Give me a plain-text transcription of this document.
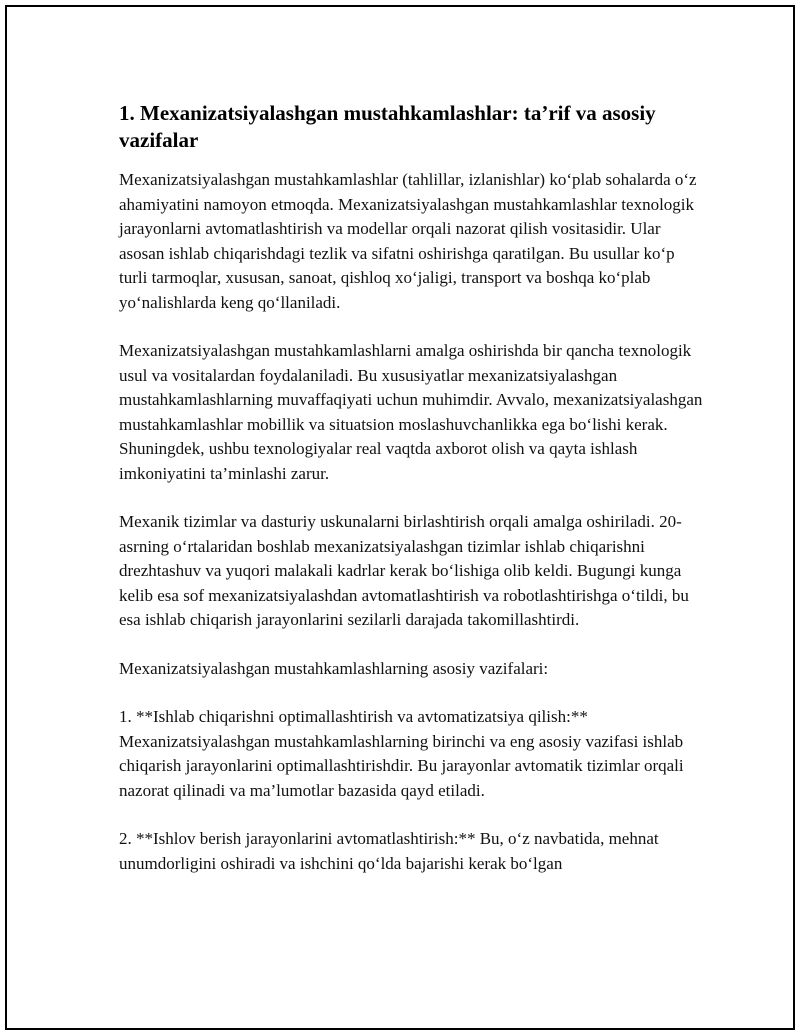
1. Mexanizatsiyalashgan mustahkamlashlar: ta’rif va asosiy vazifalar

Mexanizatsiyalashgan mustahkamlashlar (tahlillar, izlanishlar) ko‘plab sohalarda o‘z ahamiyatini namoyon etmoqda. Mexanizatsiyalashgan mustahkamlashlar texnologik jarayonlarni avtomatlashtirish va modellar orqali nazorat qilish vositasidir. Ular asosan ishlab chiqarishdagi tezlik va sifatni oshirishga qaratilgan. Bu usullar ko‘p turli tarmoqlar, xususan, sanoat, qishloq xo‘jaligi, transport va boshqa ko‘plab yo‘nalishlarda keng qo‘llaniladi.

Mexanizatsiyalashgan mustahkamlashlarni amalga oshirishda bir qancha texnologik usul va vositalardan foydalaniladi. Bu xususiyatlar mexanizatsiyalashgan mustahkamlashlarning muvaffaqiyati uchun muhimdir. Avvalo, mexanizatsiyalashgan mustahkamlashlar mobillik va situatsion moslashuvchanlikka ega bo‘lishi kerak. Shuningdek, ushbu texnologiyalar real vaqtda axborot olish va qayta ishlash imkoniyatini ta’minlashi zarur.

Mexanik tizimlar va dasturiy uskunalarni birlashtirish orqali amalga oshiriladi. 20-asrning o‘rtalaridan boshlab mexanizatsiyalashgan tizimlar ishlab chiqarishni drezhtashuv va yuqori malakali kadrlar kerak bo‘lishiga olib keldi. Bugungi kunga kelib esa sof mexanizatsiyalashdan avtomatlashtirish va robotlashtirishga o‘tildi, bu esa ishlab chiqarish jarayonlarini sezilarli darajada takomillashtirdi.

Mexanizatsiyalashgan mustahkamlashlarning asosiy vazifalari:

1. **Ishlab chiqarishni optimallashtirish va avtomatizatsiya qilish:** Mexanizatsiyalashgan mustahkamlashlarning birinchi va eng asosiy vazifasi ishlab chiqarish jarayonlarini optimallashtirishdir. Bu jarayonlar avtomatik tizimlar orqali nazorat qilinadi va ma’lumotlar bazasida qayd etiladi.

2. **Ishlov berish jarayonlarini avtomatlashtirish:** Bu, o‘z navbatida, mehnat unumdorligini oshiradi va ishchini qo‘lda bajarishi kerak bo‘lgan
